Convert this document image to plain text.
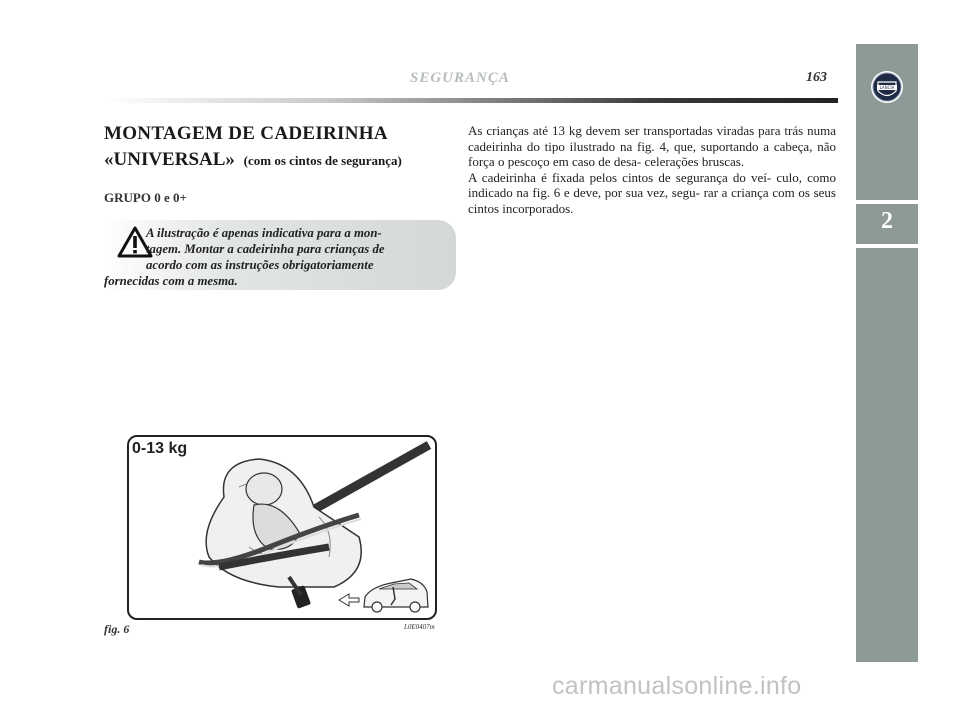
SEGURANÇA	163
LANCIA
2
MONTAGEM DE CADEIRINHA
«UNIVERSAL» (com os cintos de segurança)
GRUPO 0 e 0+
A ilustração é apenas indicativa para a mon-
tagem. Montar a cadeirinha para crianças de
acordo com as instruções obrigatoriamente
fornecidas com a mesma.
As crianças até 13 kg devem ser transportadas viradas para trás numa cadeirinha do tipo ilustrado na fig. 4, que, suportando a cabeça, não força o pescoço em caso de desa- celerações bruscas.
A cadeirinha é fixada pelos cintos de segurança do veí- culo, como indicado na fig. 6 e deve, por sua vez, segu- rar a criança com os seus cintos incorporados.
0-13 kg
fig. 6	L0E0407m
carmanualsonline.info
